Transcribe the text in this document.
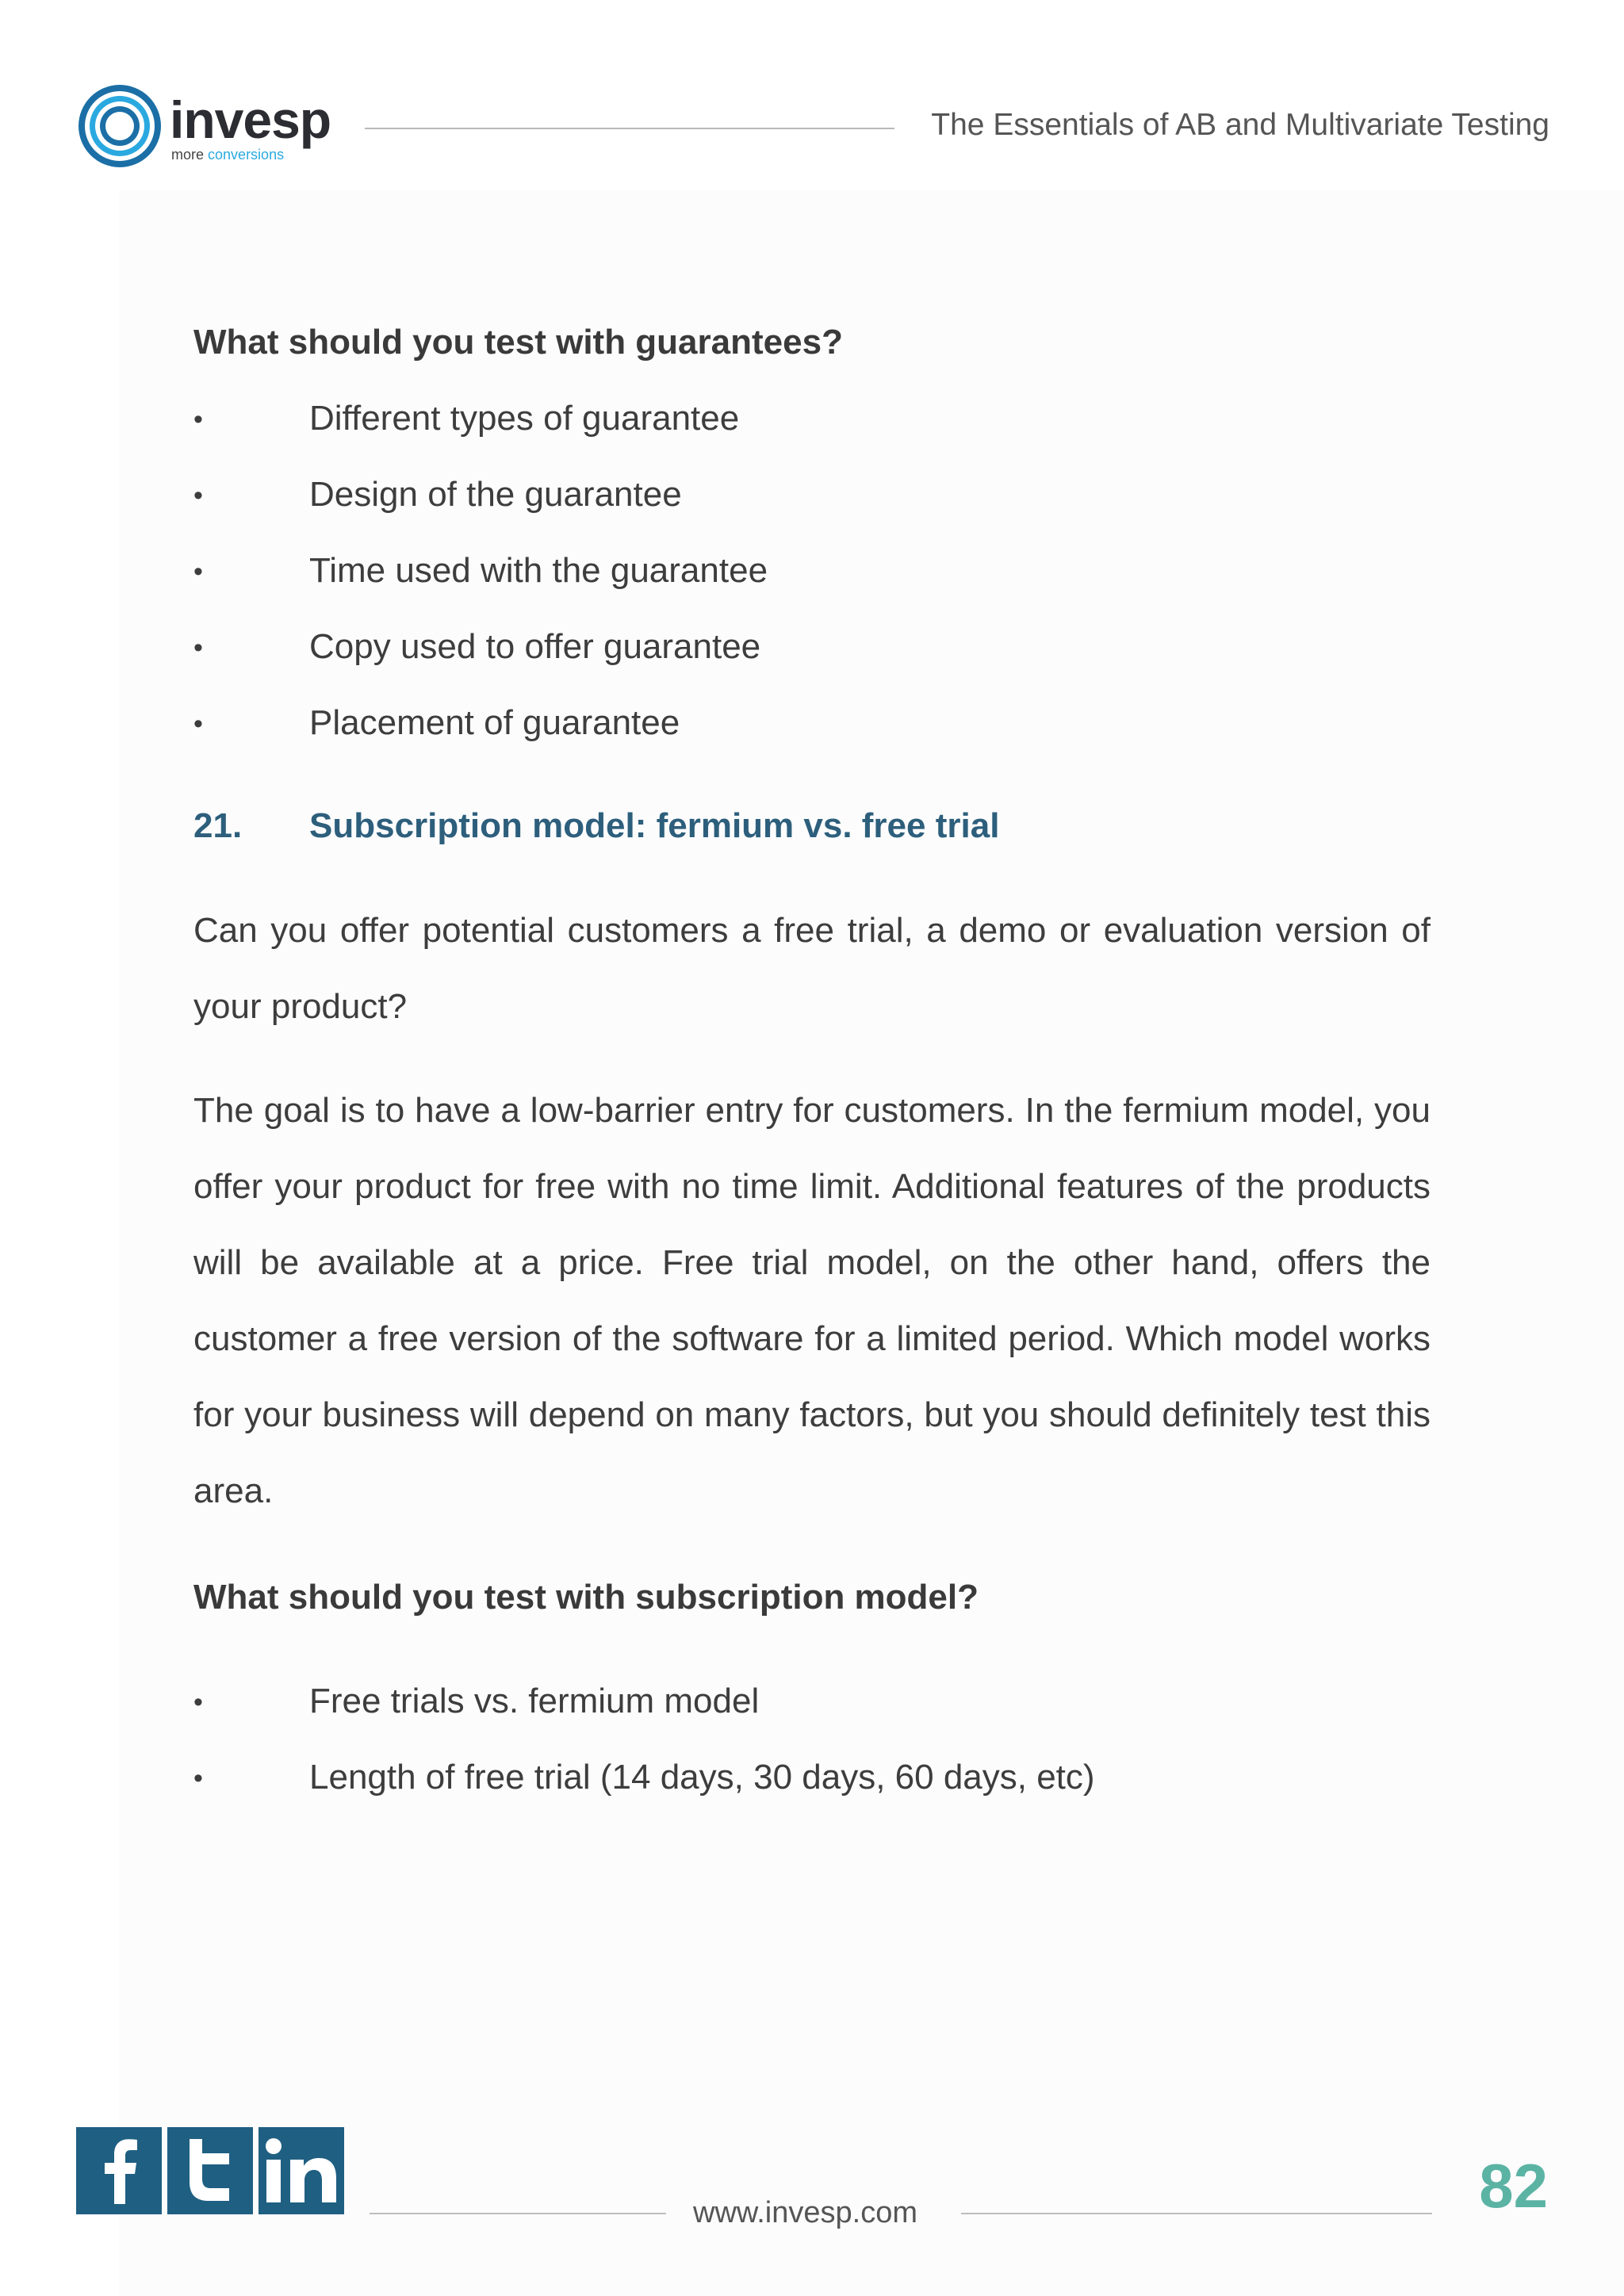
invesp
more conversions
The Essentials of AB and Multivariate Testing
What should you test with guarantees?
•	Different types of guarantee
•	Design of the guarantee
•	Time used with the guarantee
•	Copy used to offer guarantee
•	Placement of guarantee
21. Subscription model: fermium vs. free trial

Can you offer potential customers a free trial, a demo or evaluation version of your product?

The goal is to have a low-barrier entry for customers. In the fermium model, you offer your product for free with no time limit. Additional features of the products will be available at a price. Free trial model, on the other hand, offers the customer a free version of the software for a limited period. Which model works for your business will depend on many factors, but you should definitely test this area.

What should you test with subscription model?
•	Free trials vs. fermium model
•	Length of free trial (14 days, 30 days, 60 days, etc)
www.invesp.com	82
